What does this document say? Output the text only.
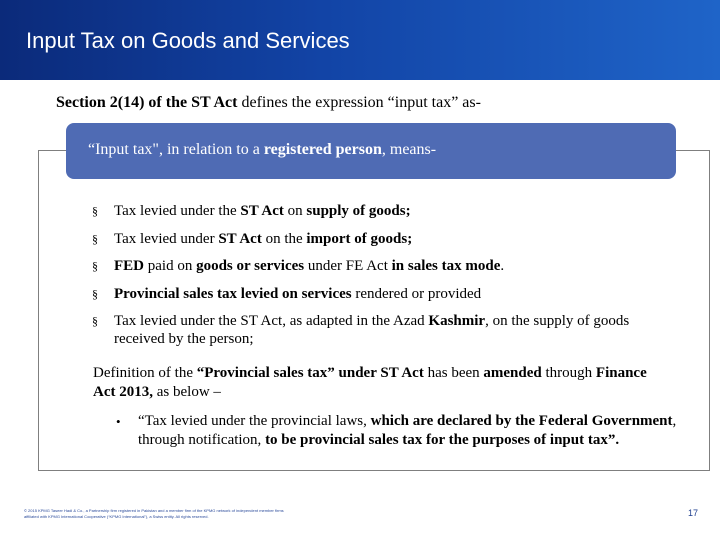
Input Tax on Goods and Services
Section 2(14) of the ST Act defines the expression “input tax” as-
“Input tax", in relation to a registered person, means-
§ Tax levied under the ST Act on supply of goods;
§ Tax levied under ST Act on the import of goods;
§ FED paid on goods or services under FE Act in sales tax mode.
§ Provincial sales tax levied on services rendered or provided
§ Tax levied under the ST Act, as adapted in the Azad Kashmir, on the supply of goods received by the person;
Definition of the “Provincial sales tax” under ST Act has been amended through Finance Act 2013, as below –
• “Tax levied under the provincial laws, which are declared by the Federal Government, through notification, to be provincial sales tax for the purposes of input tax”.
© 2015 KPMG Taseer Hadi & Co., a Partnership firm registered in Pakistan and a member firm of the KPMG network of independent member firms affiliated with KPMG International Cooperative (“KPMG International”), a Swiss entity. All rights reserved.	17
